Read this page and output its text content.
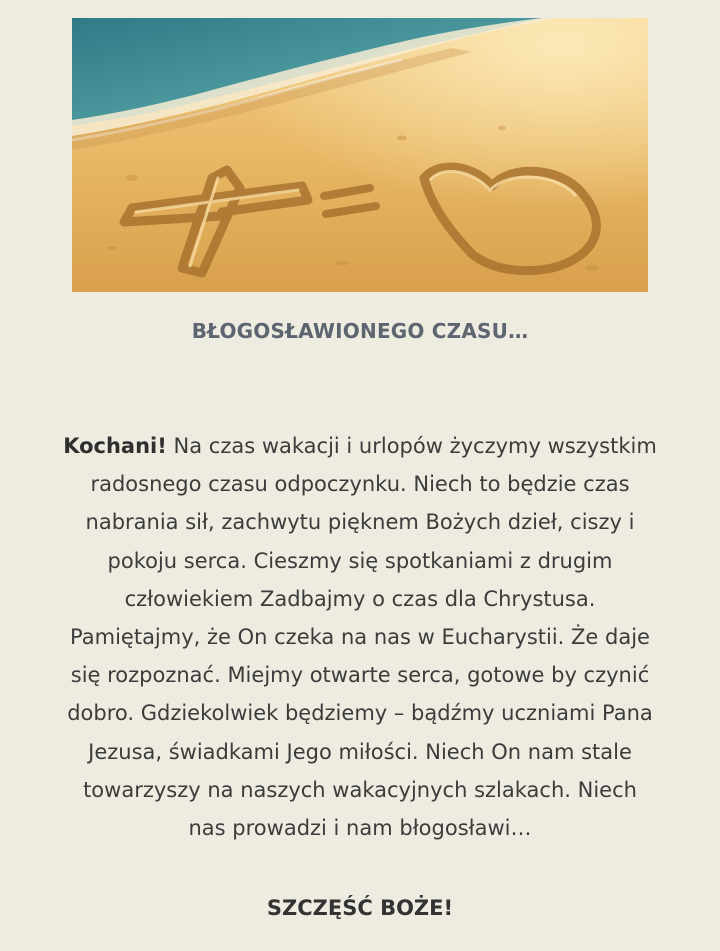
BŁOGOSŁAWIONEGO CZASU…

Kochani! Na czas wakacji i urlopów życzymy wszystkim radosnego czasu odpoczynku. Niech to będzie czas nabrania sił, zachwytu pięknem Bożych dzieł, ciszy i pokoju serca. Cieszmy się spotkaniami z drugim człowiekiem Zadbajmy o czas dla Chrystusa. Pamiętajmy, że On czeka na nas w Eucharystii. Że daje się rozpoznać. Miejmy otwarte serca, gotowe by czynić dobro. Gdziekolwiek będziemy – bądźmy uczniami Pana Jezusa, świadkami Jego miłości. Niech On nam stale towarzyszy na naszych wakacyjnych szlakach. Niech nas prowadzi i nam błogosławi…

SZCZĘŚĆ BOŻE!
